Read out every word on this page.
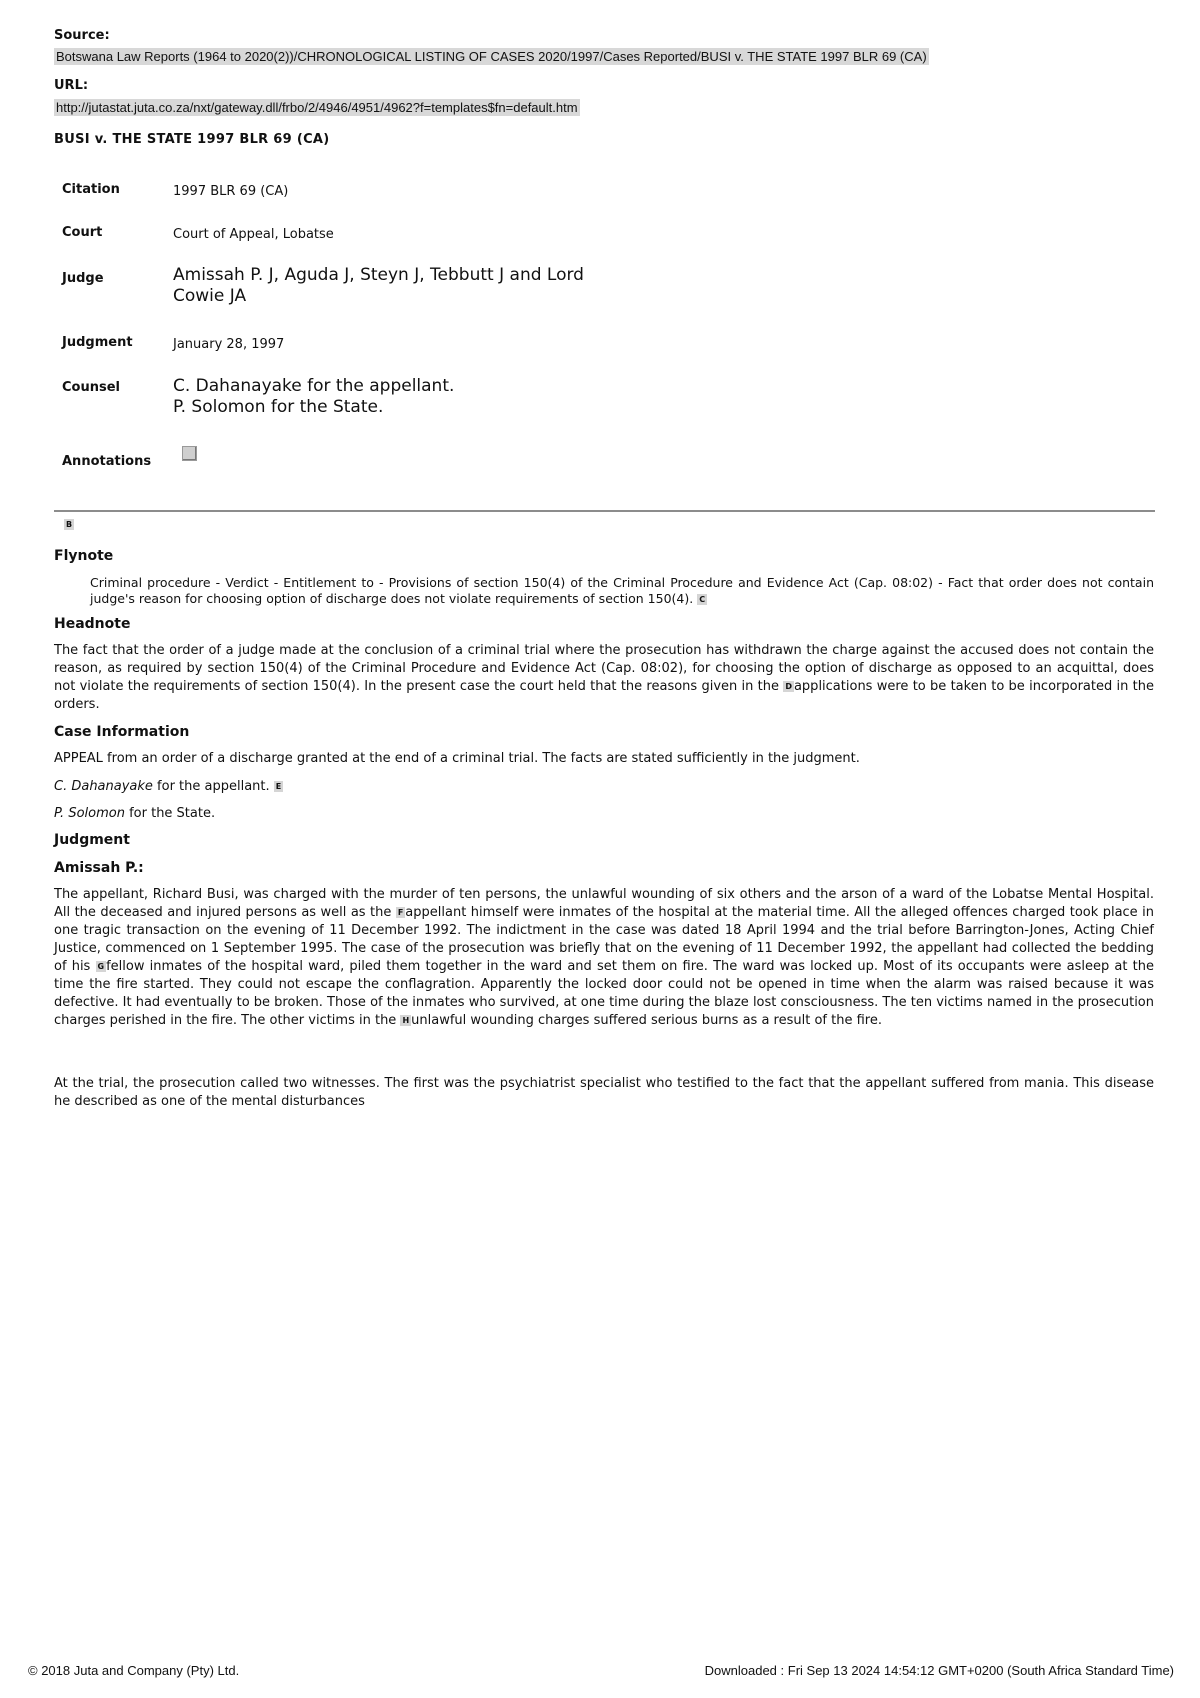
Source:
Botswana Law Reports (1964 to 2020(2))/CHRONOLOGICAL LISTING OF CASES 2020/1997/Cases Reported/BUSI v. THE STATE 1997 BLR 69 (CA)
URL:
http://jutastat.juta.co.za/nxt/gateway.dll/frbo/2/4946/4951/4962?f=templates$fn=default.htm
BUSI v. THE STATE 1997 BLR 69 (CA)
Citation	1997 BLR 69 (CA)
Court	Court of Appeal, Lobatse
Judge	Amissah P. J, Aguda J, Steyn J, Tebbutt J and Lord
Cowie JA
Judgment	January 28, 1997
Counsel	C. Dahanayake for the appellant.
P. Solomon for the State.
Annotations
B
Flynote
Criminal procedure - Verdict - Entitlement to - Provisions of section 150(4) of the Criminal Procedure and Evidence Act (Cap. 08:02) - Fact that order does not contain judge's reason for choosing option of discharge does not violate requirements of section 150(4). C
Headnote
The fact that the order of a judge made at the conclusion of a criminal trial where the prosecution has withdrawn the charge against the accused does not contain the reason, as required by section 150(4) of the Criminal Procedure and Evidence Act (Cap. 08:02), for choosing the option of discharge as opposed to an acquittal, does not violate the requirements of section 150(4). In the present case the court held that the reasons given in the D applications were to be taken to be incorporated in the orders.
Case Information
APPEAL from an order of a discharge granted at the end of a criminal trial. The facts are stated sufficiently in the judgment.
C. Dahanayake for the appellant. E
P. Solomon for the State.
Judgment
Amissah P.:
The appellant, Richard Busi, was charged with the murder of ten persons, the unlawful wounding of six others and the arson of a ward of the Lobatse Mental Hospital. All the deceased and injured persons as well as the F appellant himself were inmates of the hospital at the material time. All the alleged offences charged took place in one tragic transaction on the evening of 11 December 1992. The indictment in the case was dated 18 April 1994 and the trial before Barrington-Jones, Acting Chief Justice, commenced on 1 September 1995. The case of the prosecution was briefly that on the evening of 11 December 1992, the appellant had collected the bedding of his G fellow inmates of the hospital ward, piled them together in the ward and set them on fire. The ward was locked up. Most of its occupants were asleep at the time the fire started. They could not escape the conflagration. Apparently the locked door could not be opened in time when the alarm was raised because it was defective. It had eventually to be broken. Those of the inmates who survived, at one time during the blaze lost consciousness. The ten victims named in the prosecution charges perished in the fire. The other victims in the H unlawful wounding charges suffered serious burns as a result of the fire.
At the trial, the prosecution called two witnesses. The first was the psychiatrist specialist who testified to the fact that the appellant suffered from mania. This disease he described as one of the mental disturbances
© 2018 Juta and Company (Pty) Ltd.	Downloaded : Fri Sep 13 2024 14:54:12 GMT+0200 (South Africa Standard Time)
